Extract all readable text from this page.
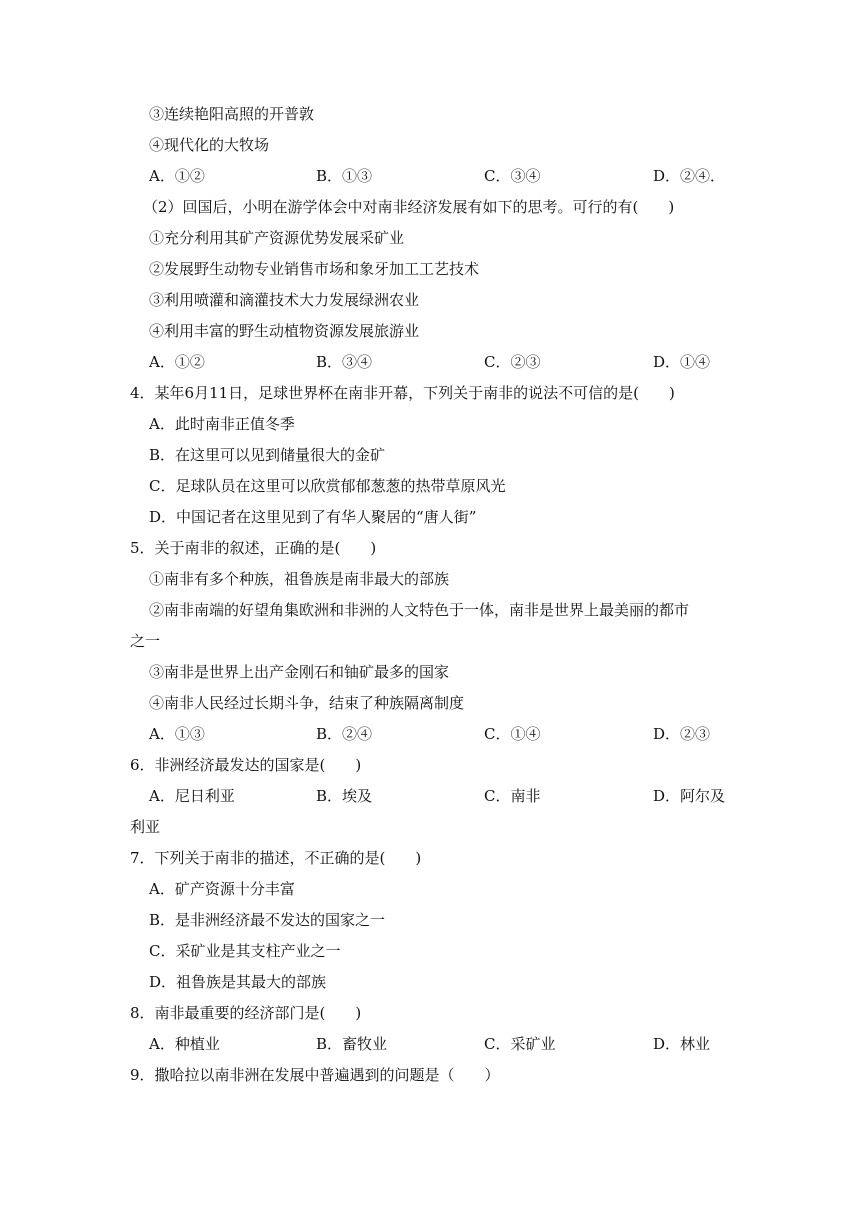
③连续艳阳高照的开普敦
④现代化的大牧场
A．①②	B．①③	C．③④	D．②④．
（2）回国后，小明在游学体会中对南非经济发展有如下的思考。可行的有(　　)
①充分利用其矿产资源优势发展采矿业
②发展野生动物专业销售市场和象牙加工工艺技术
③利用喷灌和滴灌技术大力发展绿洲农业
④利用丰富的野生动植物资源发展旅游业
A．①②	B．③④	C．②③	D．①④
4．某年6月11日，足球世界杯在南非开幕，下列关于南非的说法不可信的是(　　)
A．此时南非正值冬季
B．在这里可以见到储量很大的金矿
C．足球队员在这里可以欣赏郁郁葱葱的热带草原风光
D．中国记者在这里见到了有华人聚居的“唐人街”
5．关于南非的叙述，正确的是(　　)
①南非有多个种族，祖鲁族是南非最大的部族
②南非南端的好望角集欧洲和非洲的人文特色于一体，南非是世界上最美丽的都市
之一
③南非是世界上出产金刚石和铀矿最多的国家
④南非人民经过长期斗争，结束了种族隔离制度
A．①③	B．②④	C．①④	D．②③
6．非洲经济最发达的国家是(　　)
A．尼日利亚	B．埃及	C．南非	D．阿尔及
利亚
7．下列关于南非的描述，不正确的是(　　)
A．矿产资源十分丰富
B．是非洲经济最不发达的国家之一
C．采矿业是其支柱产业之一
D．祖鲁族是其最大的部族
8．南非最重要的经济部门是(　　)
A．种植业	B．畜牧业	C．采矿业	D．林业
9．撒哈拉以南非洲在发展中普遍遇到的问题是（　　）
